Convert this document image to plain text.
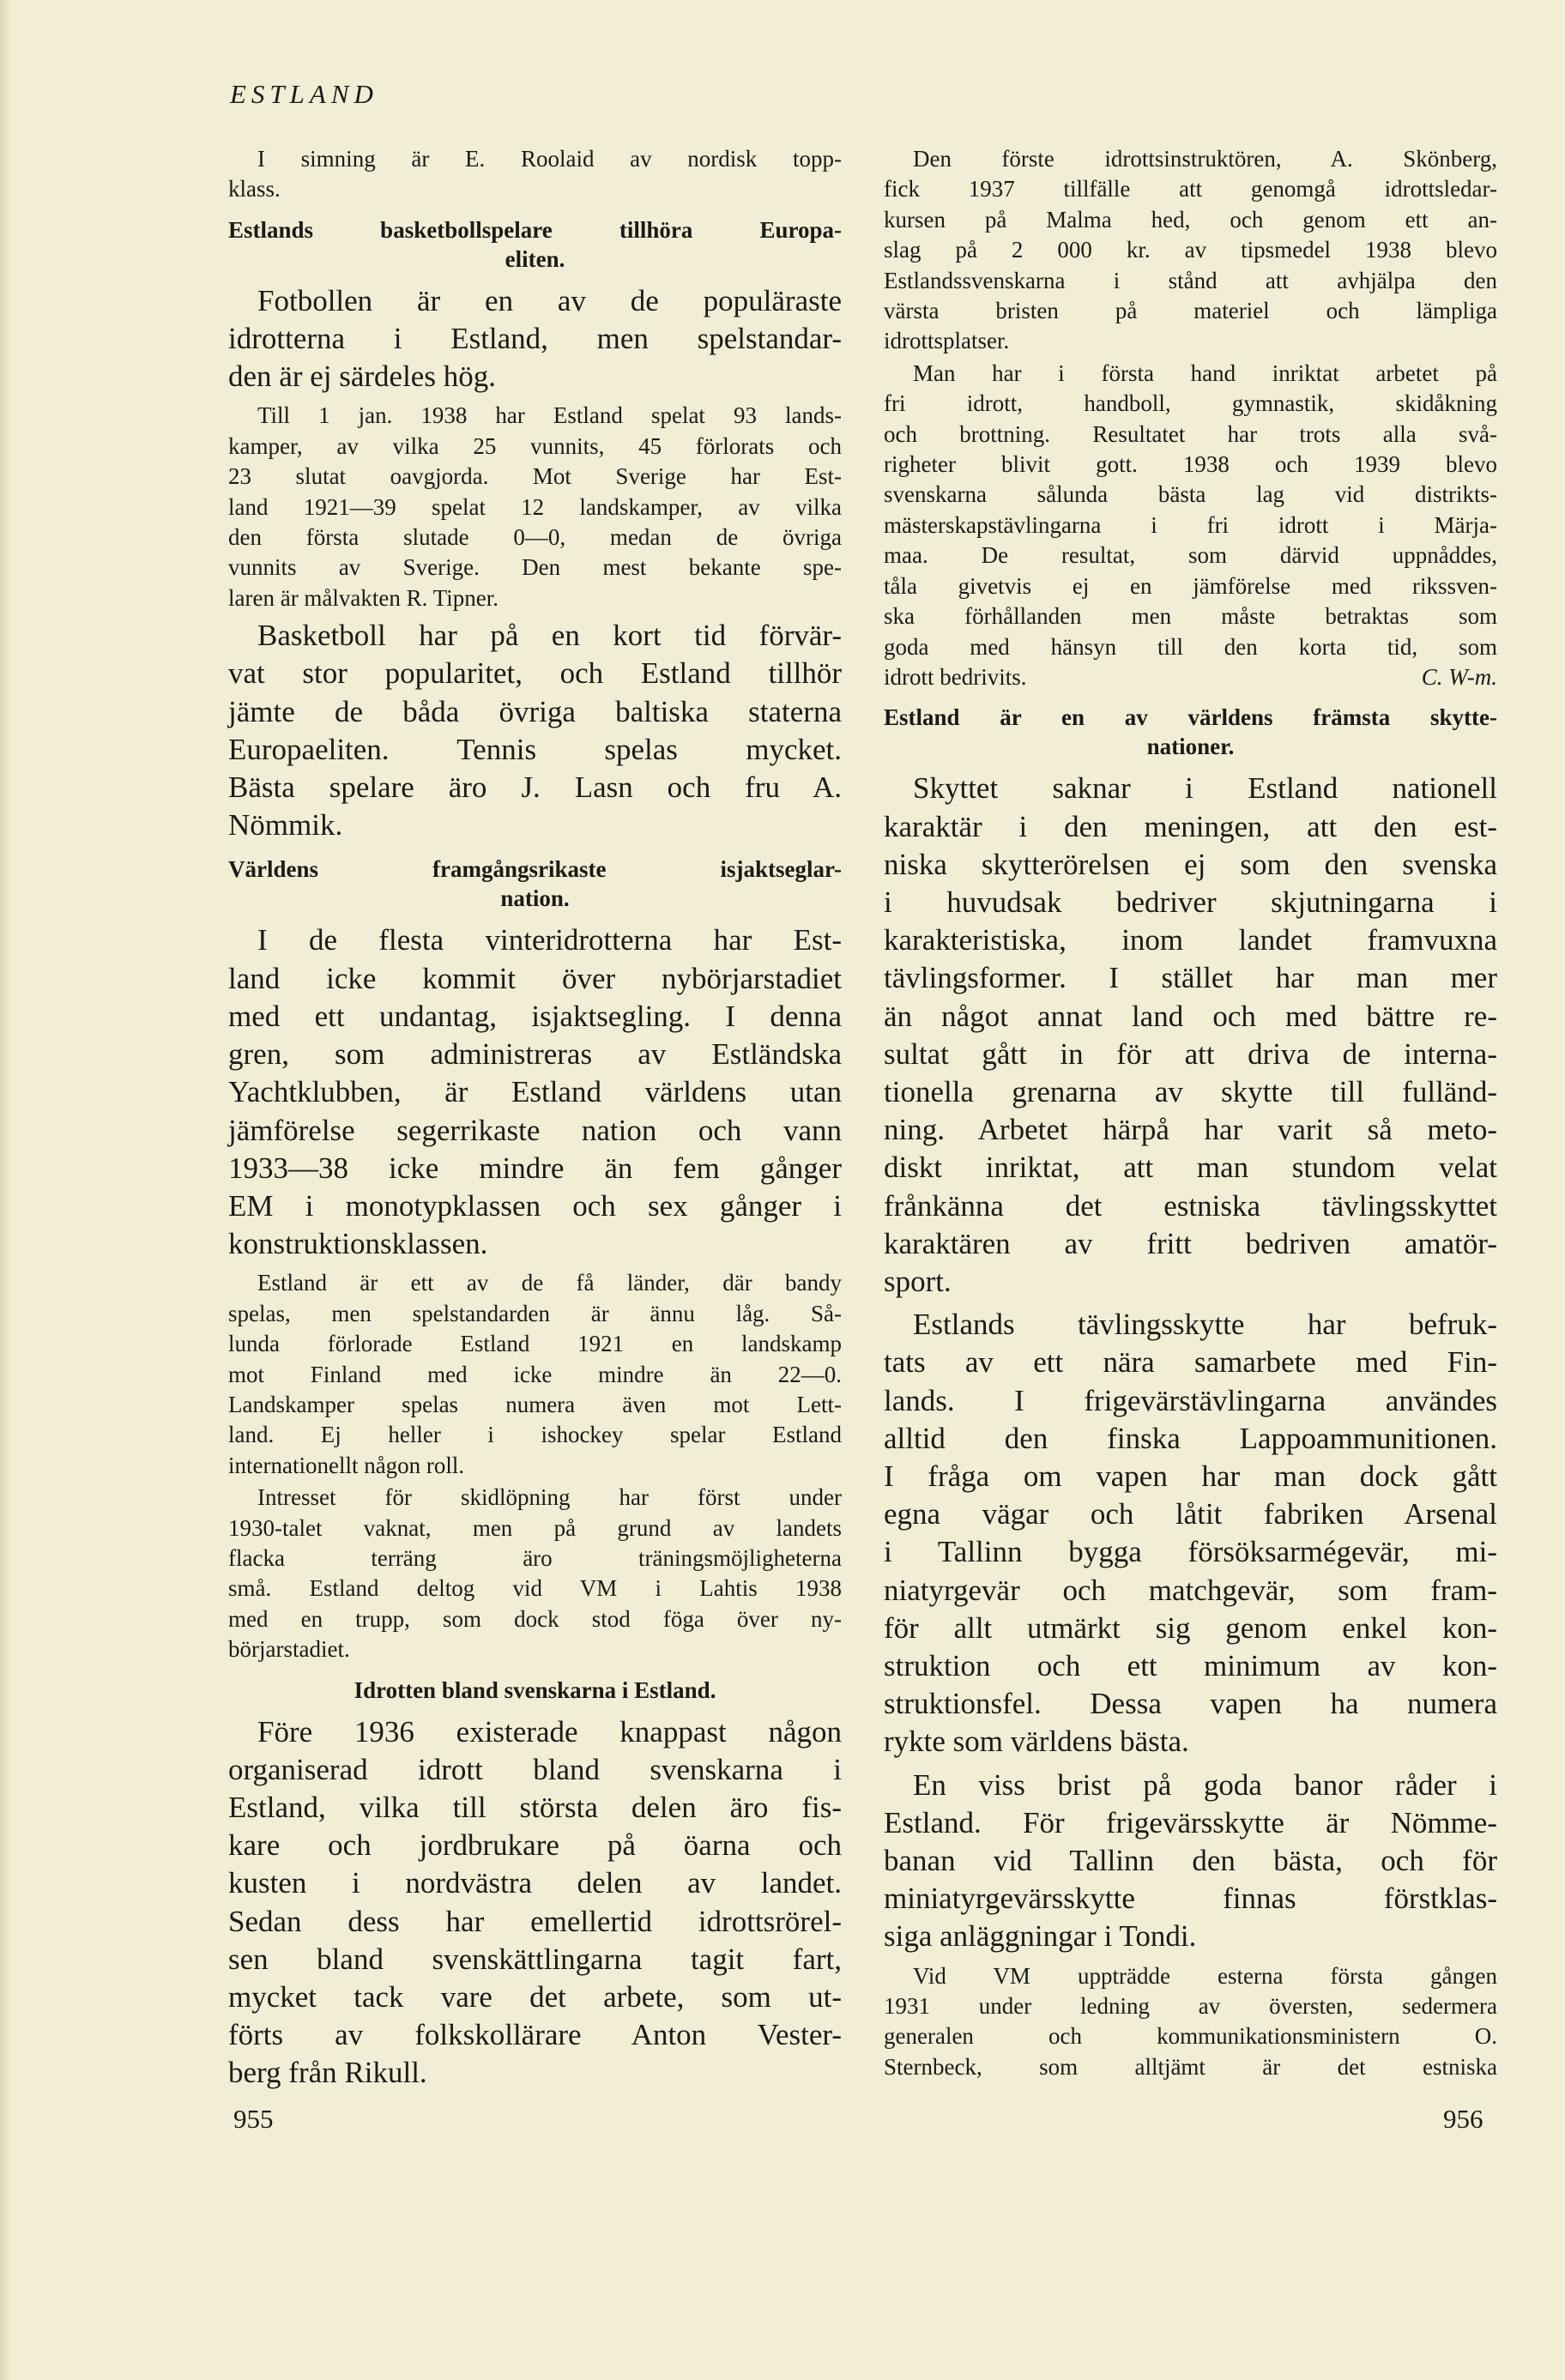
ESTLAND
I simning är E. Roolaid av nordisk topp-
klass.
Estlands basketbollspelare tillhöra Europa-
eliten.
Fotbollen är en av de populäraste
idrotterna i Estland, men spelstandar-
den är ej särdeles hög.
Till 1 jan. 1938 har Estland spelat 93 lands-
kamper, av vilka 25 vunnits, 45 förlorats och
23 slutat oavgjorda. Mot Sverige har Est-
land 1921—39 spelat 12 landskamper, av vilka
den första slutade 0—0, medan de övriga
vunnits av Sverige. Den mest bekante spe-
laren är målvakten R. Tipner.
Basketboll har på en kort tid förvär-
vat stor popularitet, och Estland tillhör
jämte de båda övriga baltiska staterna
Europaeliten. Tennis spelas mycket.
Bästa spelare äro J. Lasn och fru A.
Nömmik.
Världens framgångsrikaste isjaktseglar-
nation.
I de flesta vinteridrotterna har Est-
land icke kommit över nybörjarstadiet
med ett undantag, isjaktsegling. I denna
gren, som administreras av Estländska
Yachtklubben, är Estland världens utan
jämförelse segerrikaste nation och vann
1933—38 icke mindre än fem gånger
EM i monotypklassen och sex gånger i
konstruktionsklassen.
Estland är ett av de få länder, där bandy
spelas, men spelstandarden är ännu låg. Så-
lunda förlorade Estland 1921 en landskamp
mot Finland med icke mindre än 22—0.
Landskamper spelas numera även mot Lett-
land. Ej heller i ishockey spelar Estland
internationellt någon roll.
Intresset för skidlöpning har först under
1930-talet vaknat, men på grund av landets
flacka terräng äro träningsmöjligheterna
små. Estland deltog vid VM i Lahtis 1938
med en trupp, som dock stod föga över ny-
börjarstadiet.
Idrotten bland svenskarna i Estland.
Före 1936 existerade knappast någon
organiserad idrott bland svenskarna i
Estland, vilka till största delen äro fis-
kare och jordbrukare på öarna och
kusten i nordvästra delen av landet.
Sedan dess har emellertid idrottsrörel-
sen bland svenskättlingarna tagit fart,
mycket tack vare det arbete, som ut-
förts av folkskollärare Anton Vester-
berg från Rikull.
Den förste idrottsinstruktören, A. Skönberg,
fick 1937 tillfälle att genomgå idrottsledar-
kursen på Malma hed, och genom ett an-
slag på 2 000 kr. av tipsmedel 1938 blevo
Estlandssvenskarna i stånd att avhjälpa den
värsta bristen på materiel och lämpliga
idrottsplatser.
Man har i första hand inriktat arbetet på
fri idrott, handboll, gymnastik, skidåkning
och brottning. Resultatet har trots alla svå-
righeter blivit gott. 1938 och 1939 blevo
svenskarna sålunda bästa lag vid distrikts-
mästerskapstävlingarna i fri idrott i Märja-
maa. De resultat, som därvid uppnåddes,
tåla givetvis ej en jämförelse med rikssven-
ska förhållanden men måste betraktas som
goda med hänsyn till den korta tid, som
idrott bedrivits.	C. W-m.
Estland är en av världens främsta skytte-
nationer.
Skyttet saknar i Estland nationell
karaktär i den meningen, att den est-
niska skytterörelsen ej som den svenska
i huvudsak bedriver skjutningarna i
karakteristiska, inom landet framvuxna
tävlingsformer. I stället har man mer
än något annat land och med bättre re-
sultat gått in för att driva de interna-
tionella grenarna av skytte till fulländ-
ning. Arbetet härpå har varit så meto-
diskt inriktat, att man stundom velat
frånkänna det estniska tävlingsskyttet
karaktären av fritt bedriven amatör-
sport.
Estlands tävlingsskytte har befruk-
tats av ett nära samarbete med Fin-
lands. I frigevärstävlingarna användes
alltid den finska Lappoammunitionen.
I fråga om vapen har man dock gått
egna vägar och låtit fabriken Arsenal
i Tallinn bygga försöksarmégevär, mi-
niatyrgevär och matchgevär, som fram-
för allt utmärkt sig genom enkel kon-
struktion och ett minimum av kon-
struktionsfel. Dessa vapen ha numera
rykte som världens bästa.
En viss brist på goda banor råder i
Estland. För frigevärsskytte är Nömme-
banan vid Tallinn den bästa, och för
miniatyrgevärsskytte finnas förstklas-
siga anläggningar i Tondi.
Vid VM uppträdde esterna första gången
1931 under ledning av översten, sedermera
generalen och kommunikationsministern O.
Sternbeck, som alltjämt är det estniska
955	956
